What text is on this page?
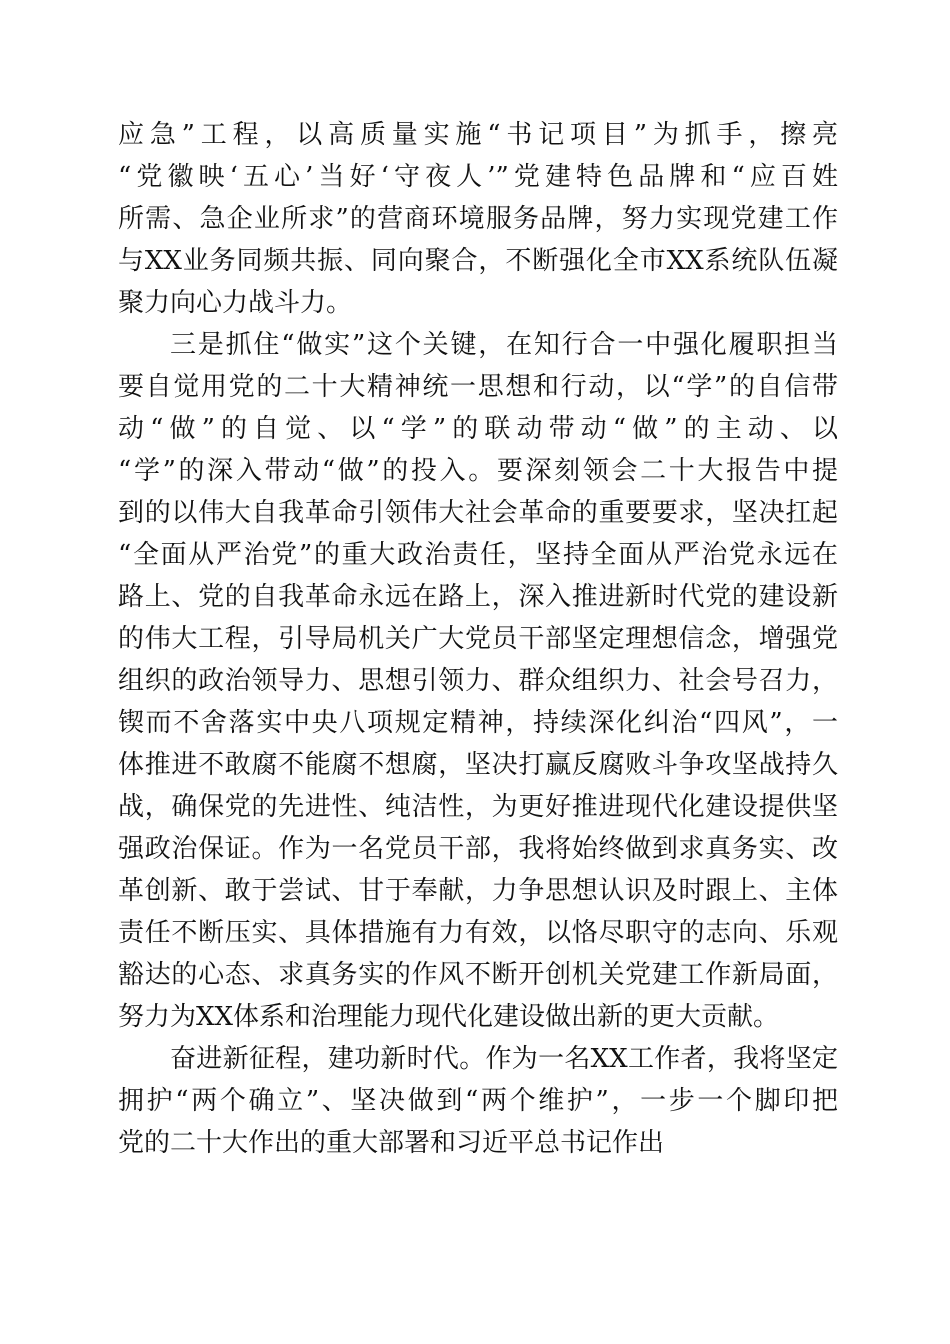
应急”工程，以高质量实施“书记项目”为抓手，擦亮
“党徽映‘五心’当好‘守夜人’”党建特色品牌和“应百姓
所需、急企业所求”的营商环境服务品牌，努力实现党建工作
与XX业务同频共振、同向聚合，不断强化全市XX系统队伍凝
聚力向心力战斗力。
三是抓住“做实”这个关键，在知行合一中强化履职担当
要自觉用党的二十大精神统一思想和行动，以“学”的自信带
动“做”的自觉、以“学”的联动带动“做”的主动、以
“学”的深入带动“做”的投入。要深刻领会二十大报告中提
到的以伟大自我革命引领伟大社会革命的重要要求，坚决扛起
“全面从严治党”的重大政治责任，坚持全面从严治党永远在
路上、党的自我革命永远在路上，深入推进新时代党的建设新
的伟大工程，引导局机关广大党员干部坚定理想信念，增强党
组织的政治领导力、思想引领力、群众组织力、社会号召力，
锲而不舍落实中央八项规定精神，持续深化纠治“四风”，一
体推进不敢腐不能腐不想腐，坚决打赢反腐败斗争攻坚战持久
战，确保党的先进性、纯洁性，为更好推进现代化建设提供坚
强政治保证。作为一名党员干部，我将始终做到求真务实、改
革创新、敢于尝试、甘于奉献，力争思想认识及时跟上、主体
责任不断压实、具体措施有力有效，以恪尽职守的志向、乐观
豁达的心态、求真务实的作风不断开创机关党建工作新局面，
努力为XX体系和治理能力现代化建设做出新的更大贡献。
奋进新征程，建功新时代。作为一名XX工作者，我将坚定
拥护“两个确立”、坚决做到“两个维护”，一步一个脚印把
党的二十大作出的重大部署和习近平总书记作出
